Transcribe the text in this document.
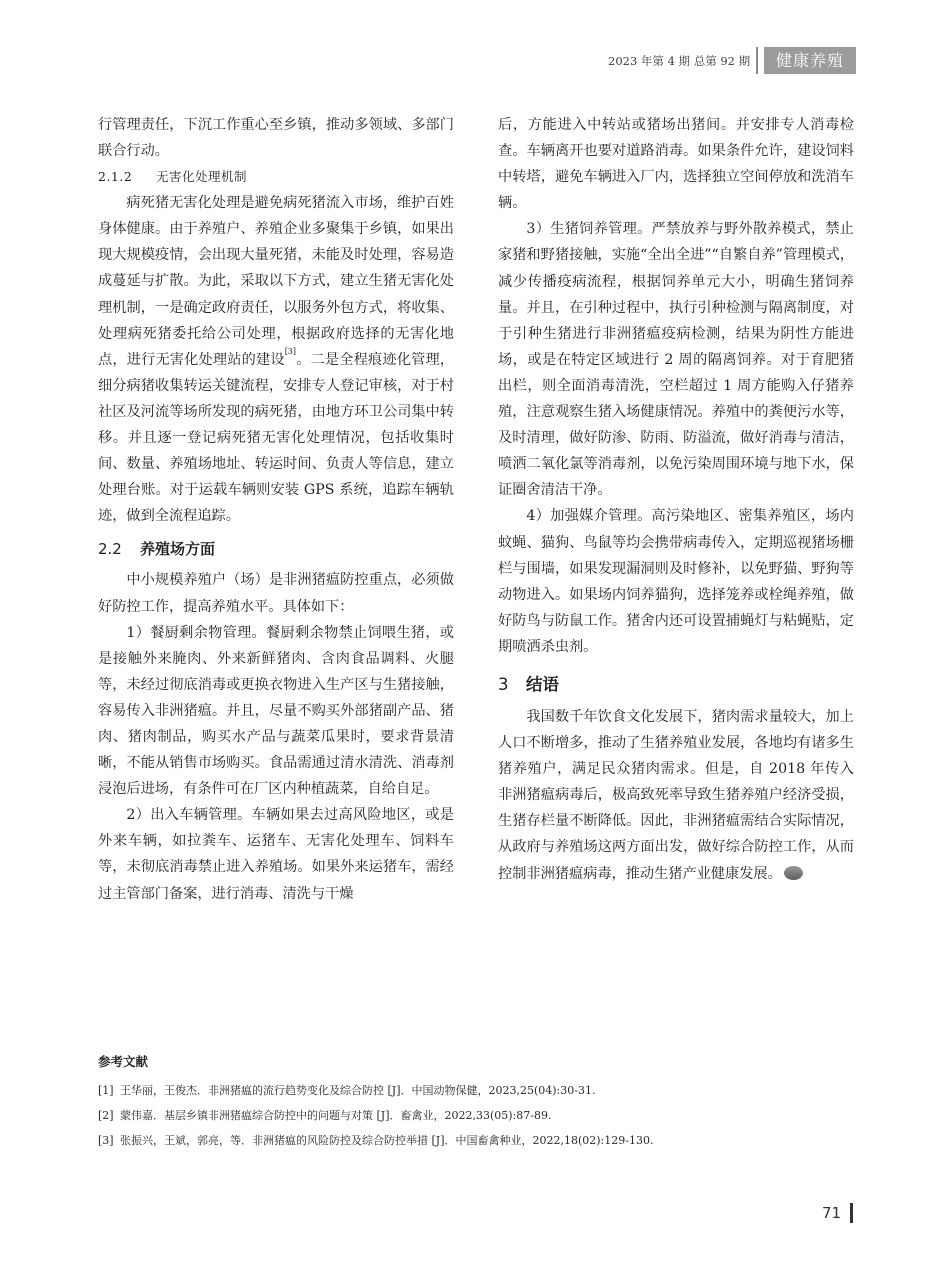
2023 年第 4 期 总第 92 期	健康养殖

行管理责任，下沉工作重心至乡镇，推动多领域、多部门联合行动。

2.1.2 无害化处理机制

病死猪无害化处理是避免病死猪流入市场，维护百姓身体健康。由于养殖户、养殖企业多聚集于乡镇，如果出现大规模疫情，会出现大量死猪，未能及时处理，容易造成蔓延与扩散。为此，采取以下方式，建立生猪无害化处理机制，一是确定政府责任，以服务外包方式，将收集、处理病死猪委托给公司处理，根据政府选择的无害化地点，进行无害化处理站的建设[3]。二是全程痕迹化管理，细分病猪收集转运关键流程，安排专人登记审核，对于村社区及河流等场所发现的病死猪，由地方环卫公司集中转移。并且逐一登记病死猪无害化处理情况，包括收集时间、数量、养殖场地址、转运时间、负责人等信息，建立处理台账。对于运载车辆则安装 GPS 系统，追踪车辆轨迹，做到全流程追踪。

2.2 养殖场方面

中小规模养殖户（场）是非洲猪瘟防控重点，必须做好防控工作，提高养殖水平。具体如下：

1）餐厨剩余物管理。餐厨剩余物禁止饲喂生猪，或是接触外来腌肉、外来新鲜猪肉、含肉食品调料、火腿等，未经过彻底消毒或更换衣物进入生产区与生猪接触，容易传入非洲猪瘟。并且，尽量不购买外部猪副产品、猪肉、猪肉制品，购买水产品与蔬菜瓜果时，要求背景清晰，不能从销售市场购买。食品需通过清水清洗、消毒剂浸泡后进场，有条件可在厂区内种植蔬菜，自给自足。

2）出入车辆管理。车辆如果去过高风险地区，或是外来车辆，如拉粪车、运猪车、无害化处理车、饲料车等，未彻底消毒禁止进入养殖场。如果外来运猪车，需经过主管部门备案，进行消毒、清洗与干燥

后，方能进入中转站或猪场出猪间。并安排专人消毒检查。车辆离开也要对道路消毒。如果条件允许，建设饲料中转塔，避免车辆进入厂内，选择独立空间停放和洗消车辆。

3）生猪饲养管理。严禁放养与野外散养模式，禁止家猪和野猪接触，实施“全出全进”“自繁自养”管理模式，减少传播疫病流程，根据饲养单元大小，明确生猪饲养量。并且，在引种过程中，执行引种检测与隔离制度，对于引种生猪进行非洲猪瘟疫病检测，结果为阴性方能进场，或是在特定区域进行 2 周的隔离饲养。对于育肥猪出栏，则全面消毒清洗，空栏超过 1 周方能购入仔猪养殖，注意观察生猪入场健康情况。养殖中的粪便污水等，及时清理，做好防渗、防雨、防溢流，做好消毒与清洁，喷洒二氧化氯等消毒剂，以免污染周围环境与地下水，保证圈舍清洁干净。

4）加强媒介管理。高污染地区、密集养殖区，场内蚊蝇、猫狗、鸟鼠等均会携带病毒传入，定期巡视猪场栅栏与围墙，如果发现漏洞则及时修补，以免野猫、野狗等动物进入。如果场内饲养猫狗，选择笼养或栓绳养殖，做好防鸟与防鼠工作。猪舍内还可设置捕蝇灯与粘蝇贴，定期喷洒杀虫剂。

3 结语

我国数千年饮食文化发展下，猪肉需求量较大，加上人口不断增多，推动了生猪养殖业发展，各地均有诸多生猪养殖户，满足民众猪肉需求。但是，自 2018 年传入非洲猪瘟病毒后，极高致死率导致生猪养殖户经济受损，生猪存栏量不断降低。因此，非洲猪瘟需结合实际情况，从政府与养殖场这两方面出发，做好综合防控工作，从而控制非洲猪瘟病毒，推动生猪产业健康发展。

参考文献
[1] 王华丽，王俊杰．非洲猪瘟的流行趋势变化及综合防控 [J]．中国动物保健，2023,25(04):30-31.
[2] 蒙伟嘉．基层乡镇非洲猪瘟综合防控中的问题与对策 [J]．畜禽业，2022,33(05):87-89.
[3] 张振兴，王斌，郭亮，等．非洲猪瘟的风险防控及综合防控举措 [J]．中国畜禽种业，2022,18(02):129-130.
71
